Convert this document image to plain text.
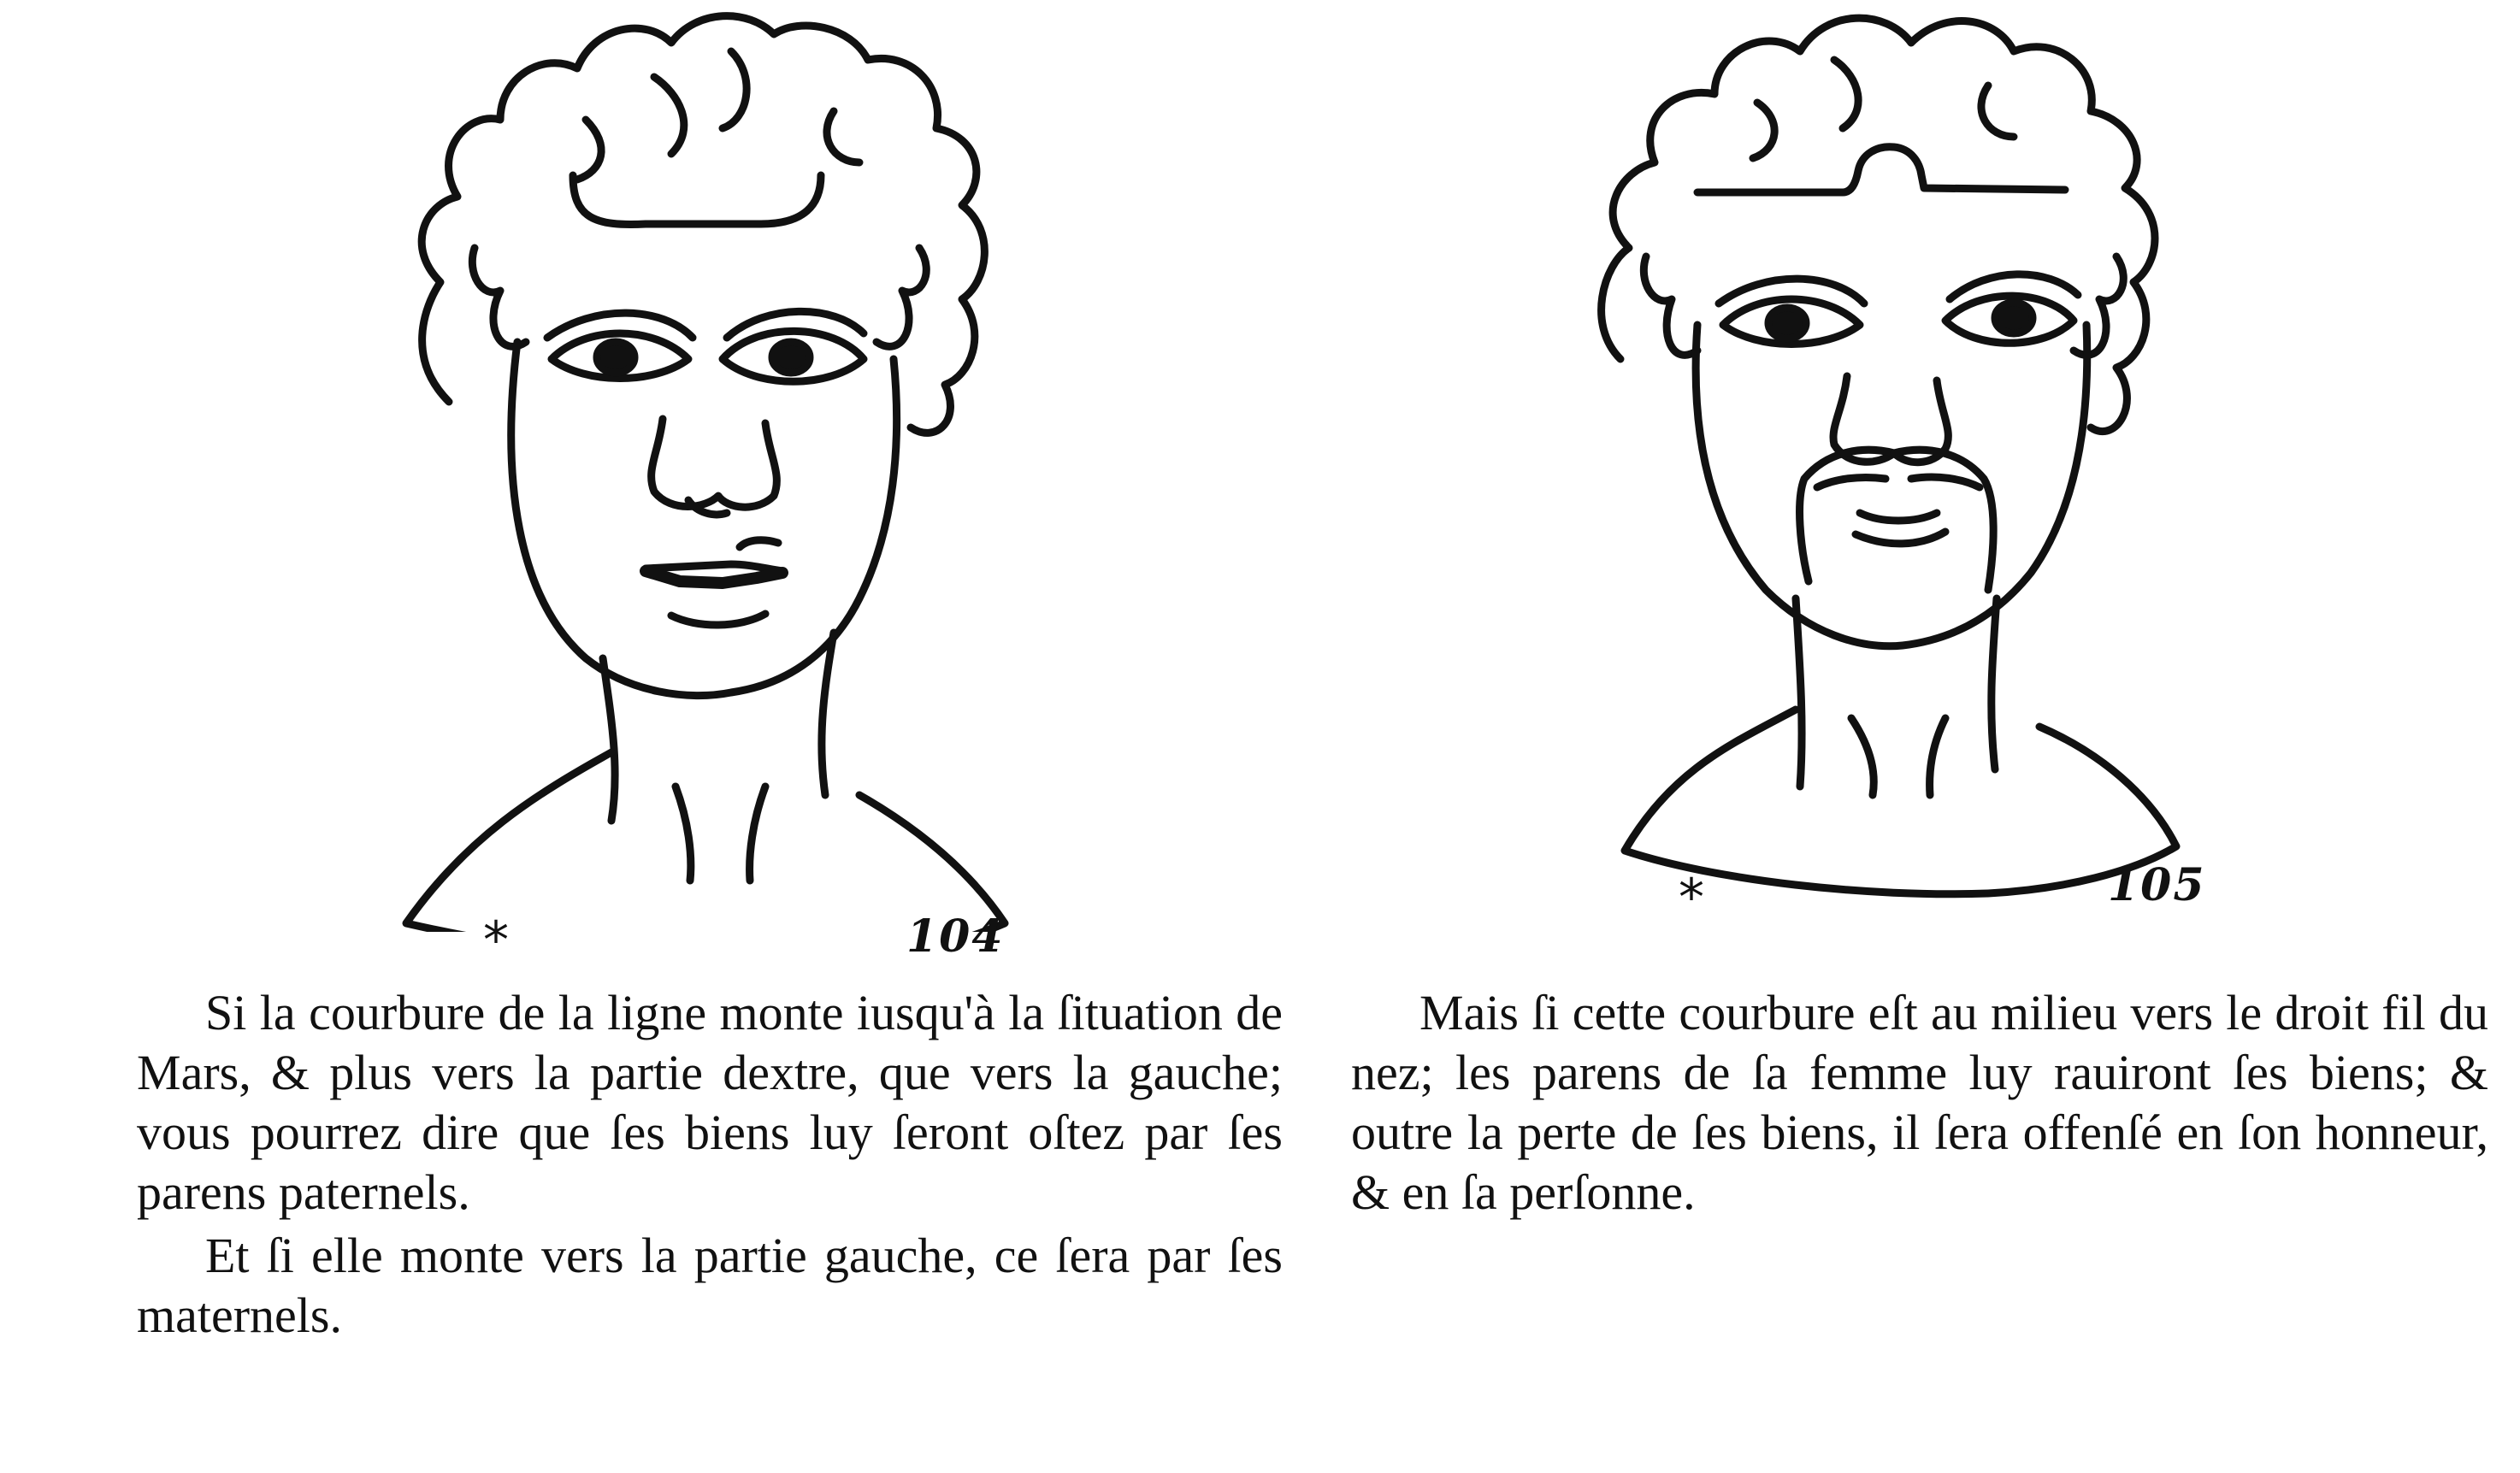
*	104
*	105

Si la courbure de la ligne monte iusqu'à la ſituation de Mars, & plus vers la partie dextre, que vers la gauche; vous pourrez dire que ſes biens luy ſeront oſtez par ſes parens paternels.

Et ſi elle monte vers la partie gauche, ce ſera par ſes maternels.

Mais ſi cette courbure eſt au milieu vers le droit fil du nez; les parens de ſa femme luy rauiront ſes biens; & outre la perte de ſes biens, il ſera offenſé en ſon honneur, & en ſa perſonne.
